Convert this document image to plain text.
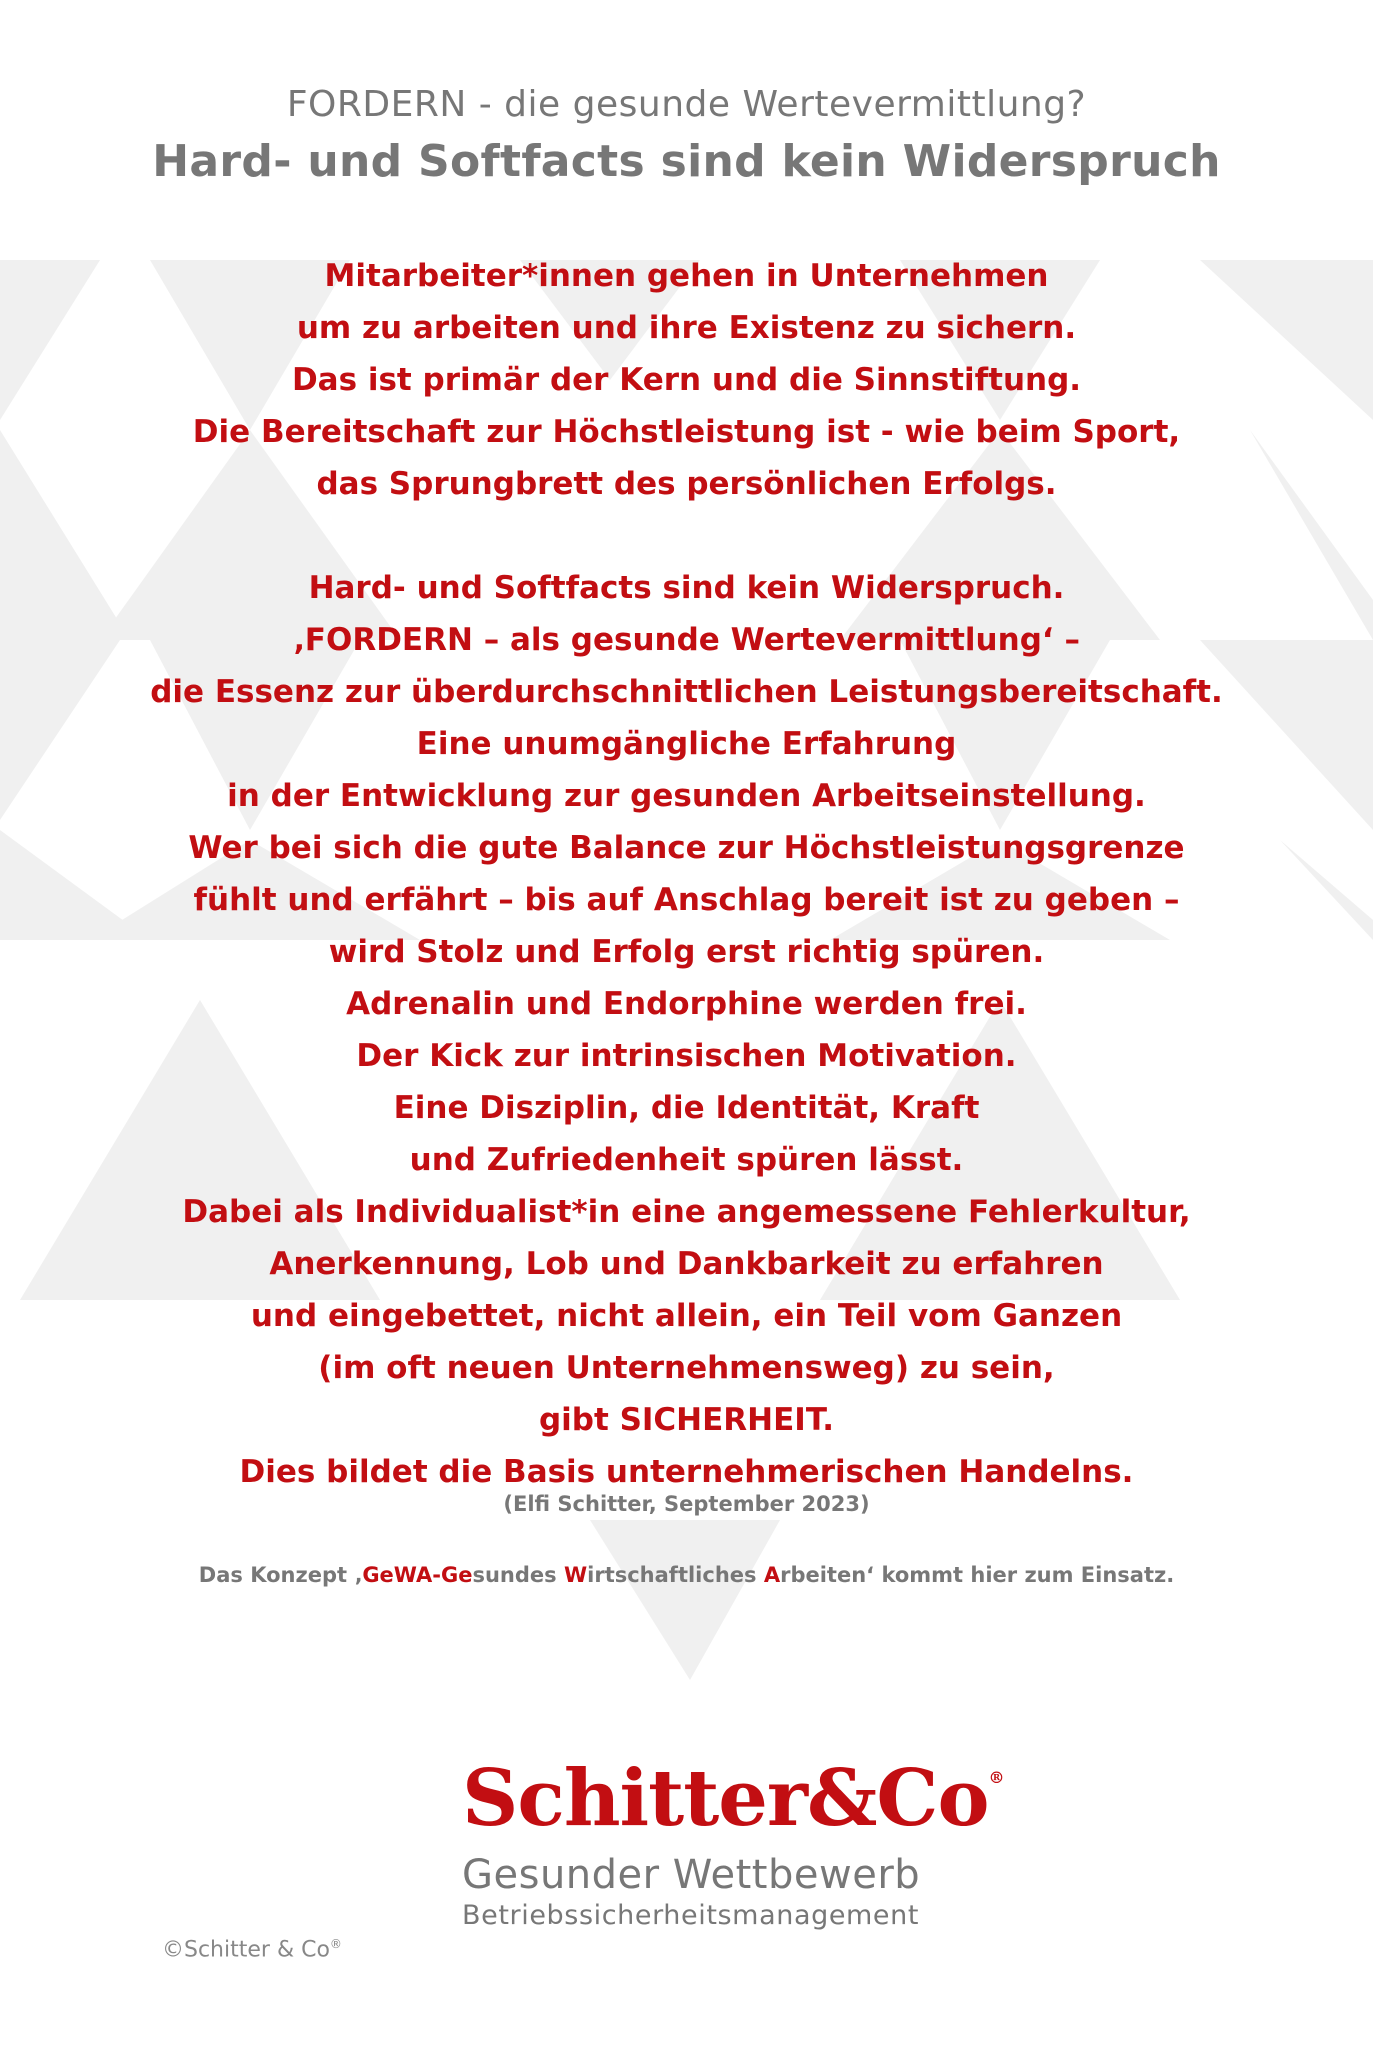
FORDERN - die gesunde Wertevermittlung?
Hard- und Softfacts sind kein Widerspruch
Mitarbeiter*innen gehen in Unternehmen
um zu arbeiten und ihre Existenz zu sichern.
Das ist primär der Kern und die Sinnstiftung.
Die Bereitschaft zur Höchstleistung ist - wie beim Sport,
das Sprungbrett des persönlichen Erfolgs.
Hard- und Softfacts sind kein Widerspruch.
‚FORDERN – als gesunde Wertevermittlung‘ –
die Essenz zur überdurchschnittlichen Leistungsbereitschaft.
Eine unumgängliche Erfahrung
in der Entwicklung zur gesunden Arbeitseinstellung.
Wer bei sich die gute Balance zur Höchstleistungsgrenze
fühlt und erfährt – bis auf Anschlag bereit ist zu geben –
wird Stolz und Erfolg erst richtig spüren.
Adrenalin und Endorphine werden frei.
Der Kick zur intrinsischen Motivation.
Eine Disziplin, die Identität, Kraft
und Zufriedenheit spüren lässt.
Dabei als Individualist*in eine angemessene Fehlerkultur,
Anerkennung, Lob und Dankbarkeit zu erfahren
und eingebettet, nicht allein, ein Teil vom Ganzen
(im oft neuen Unternehmensweg) zu sein,
gibt SICHERHEIT.
Dies bildet die Basis unternehmerischen Handelns.
(Elfi Schitter, September 2023)
Das Konzept ‚GeWA-Gesundes Wirtschaftliches Arbeiten‘ kommt hier zum Einsatz.
Schitter&Co®
Gesunder Wettbewerb
Betriebssicherheitsmanagement
©Schitter & Co®
